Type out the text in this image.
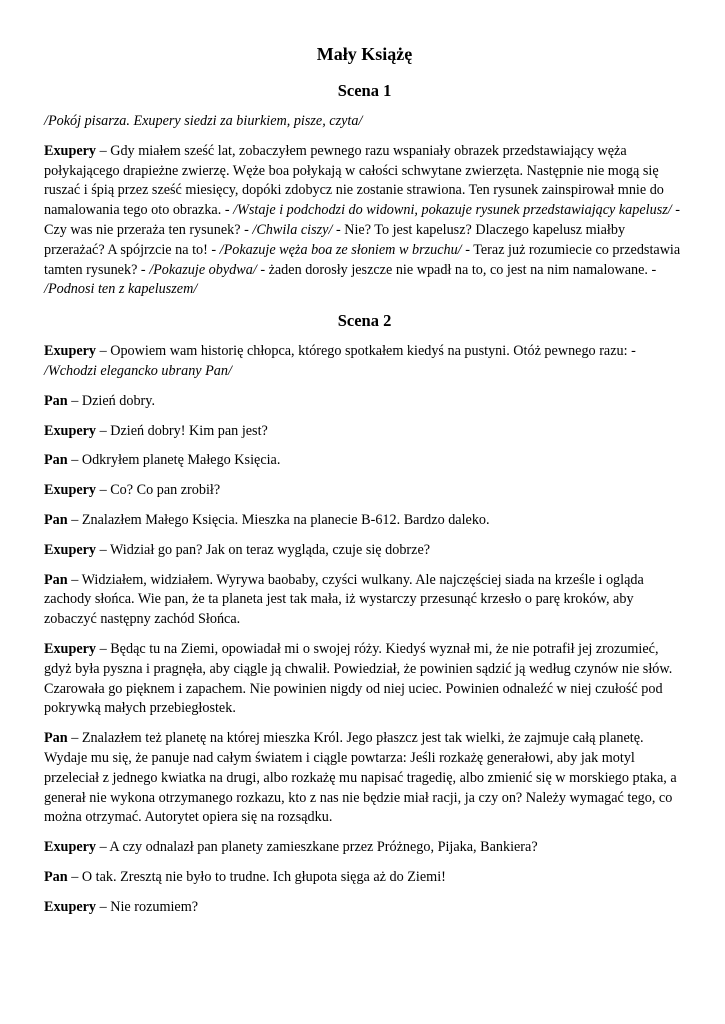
Mały Książę
Scena 1

/Pokój pisarza. Exupery siedzi za biurkiem, pisze, czyta/

Exupery – Gdy miałem sześć lat, zobaczyłem pewnego razu wspaniały obrazek przedstawiający węża połykającego drapieżne zwierzę. Węże boa połykają w całości schwytane zwierzęta. Następnie nie mogą się ruszać i śpią przez sześć miesięcy, dopóki zdobycz nie zostanie strawiona. Ten rysunek zainspirował mnie do namalowania tego oto obrazka. - /Wstaje i podchodzi do widowni, pokazuje rysunek przedstawiający kapelusz/ - Czy was nie przeraża ten rysunek? - /Chwila ciszy/ - Nie? To jest kapelusz? Dlaczego kapelusz miałby przerażać? A spójrzcie na to! - /Pokazuje węża boa ze słoniem w brzuchu/ - Teraz już rozumiecie co przedstawia tamten rysunek? - /Pokazuje obydwa/ - żaden dorosły jeszcze nie wpadł na to, co jest na nim namalowane. - /Podnosi ten z kapeluszem/

Scena 2

Exupery – Opowiem wam historię chłopca, którego spotkałem kiedyś na pustyni. Otóż pewnego razu: - /Wchodzi elegancko ubrany Pan/

Pan – Dzień dobry.

Exupery – Dzień dobry! Kim pan jest?

Pan – Odkryłem planetę Małego Księcia.

Exupery – Co? Co pan zrobił?

Pan – Znalazłem Małego Księcia. Mieszka na planecie B-612. Bardzo daleko.

Exupery – Widział go pan? Jak on teraz wygląda, czuje się dobrze?

Pan – Widziałem, widziałem. Wyrywa baobaby, czyści wulkany. Ale najczęściej siada na krześle i ogląda zachody słońca. Wie pan, że ta planeta jest tak mała, iż wystarczy przesunąć krzesło o parę kroków, aby zobaczyć następny zachód Słońca.

Exupery – Będąc tu na Ziemi, opowiadał mi o swojej róży. Kiedyś wyznał mi, że nie potrafił jej zrozumieć, gdyż była pyszna i pragnęła, aby ciągle ją chwalił. Powiedział, że powinien sądzić ją według czynów nie słów. Czarowała go pięknem i zapachem. Nie powinien nigdy od niej uciec. Powinien odnaleźć w niej czułość pod pokrywką małych przebiegłostek.

Pan – Znalazłem też planetę na której mieszka Król. Jego płaszcz jest tak wielki, że zajmuje całą planetę. Wydaje mu się, że panuje nad całym światem i ciągle powtarza: Jeśli rozkażę generałowi, aby jak motyl przeleciał z jednego kwiatka na drugi, albo rozkażę mu napisać tragedię, albo zmienić się w morskiego ptaka, a generał nie wykona otrzymanego rozkazu, kto z nas nie będzie miał racji, ja czy on? Należy wymagać tego, co można otrzymać. Autorytet opiera się na rozsądku.

Exupery – A czy odnalazł pan planety zamieszkane przez Próżnego, Pijaka, Bankiera?

Pan – O tak. Zresztą nie było to trudne. Ich głupota sięga aż do Ziemi!

Exupery – Nie rozumiem?
